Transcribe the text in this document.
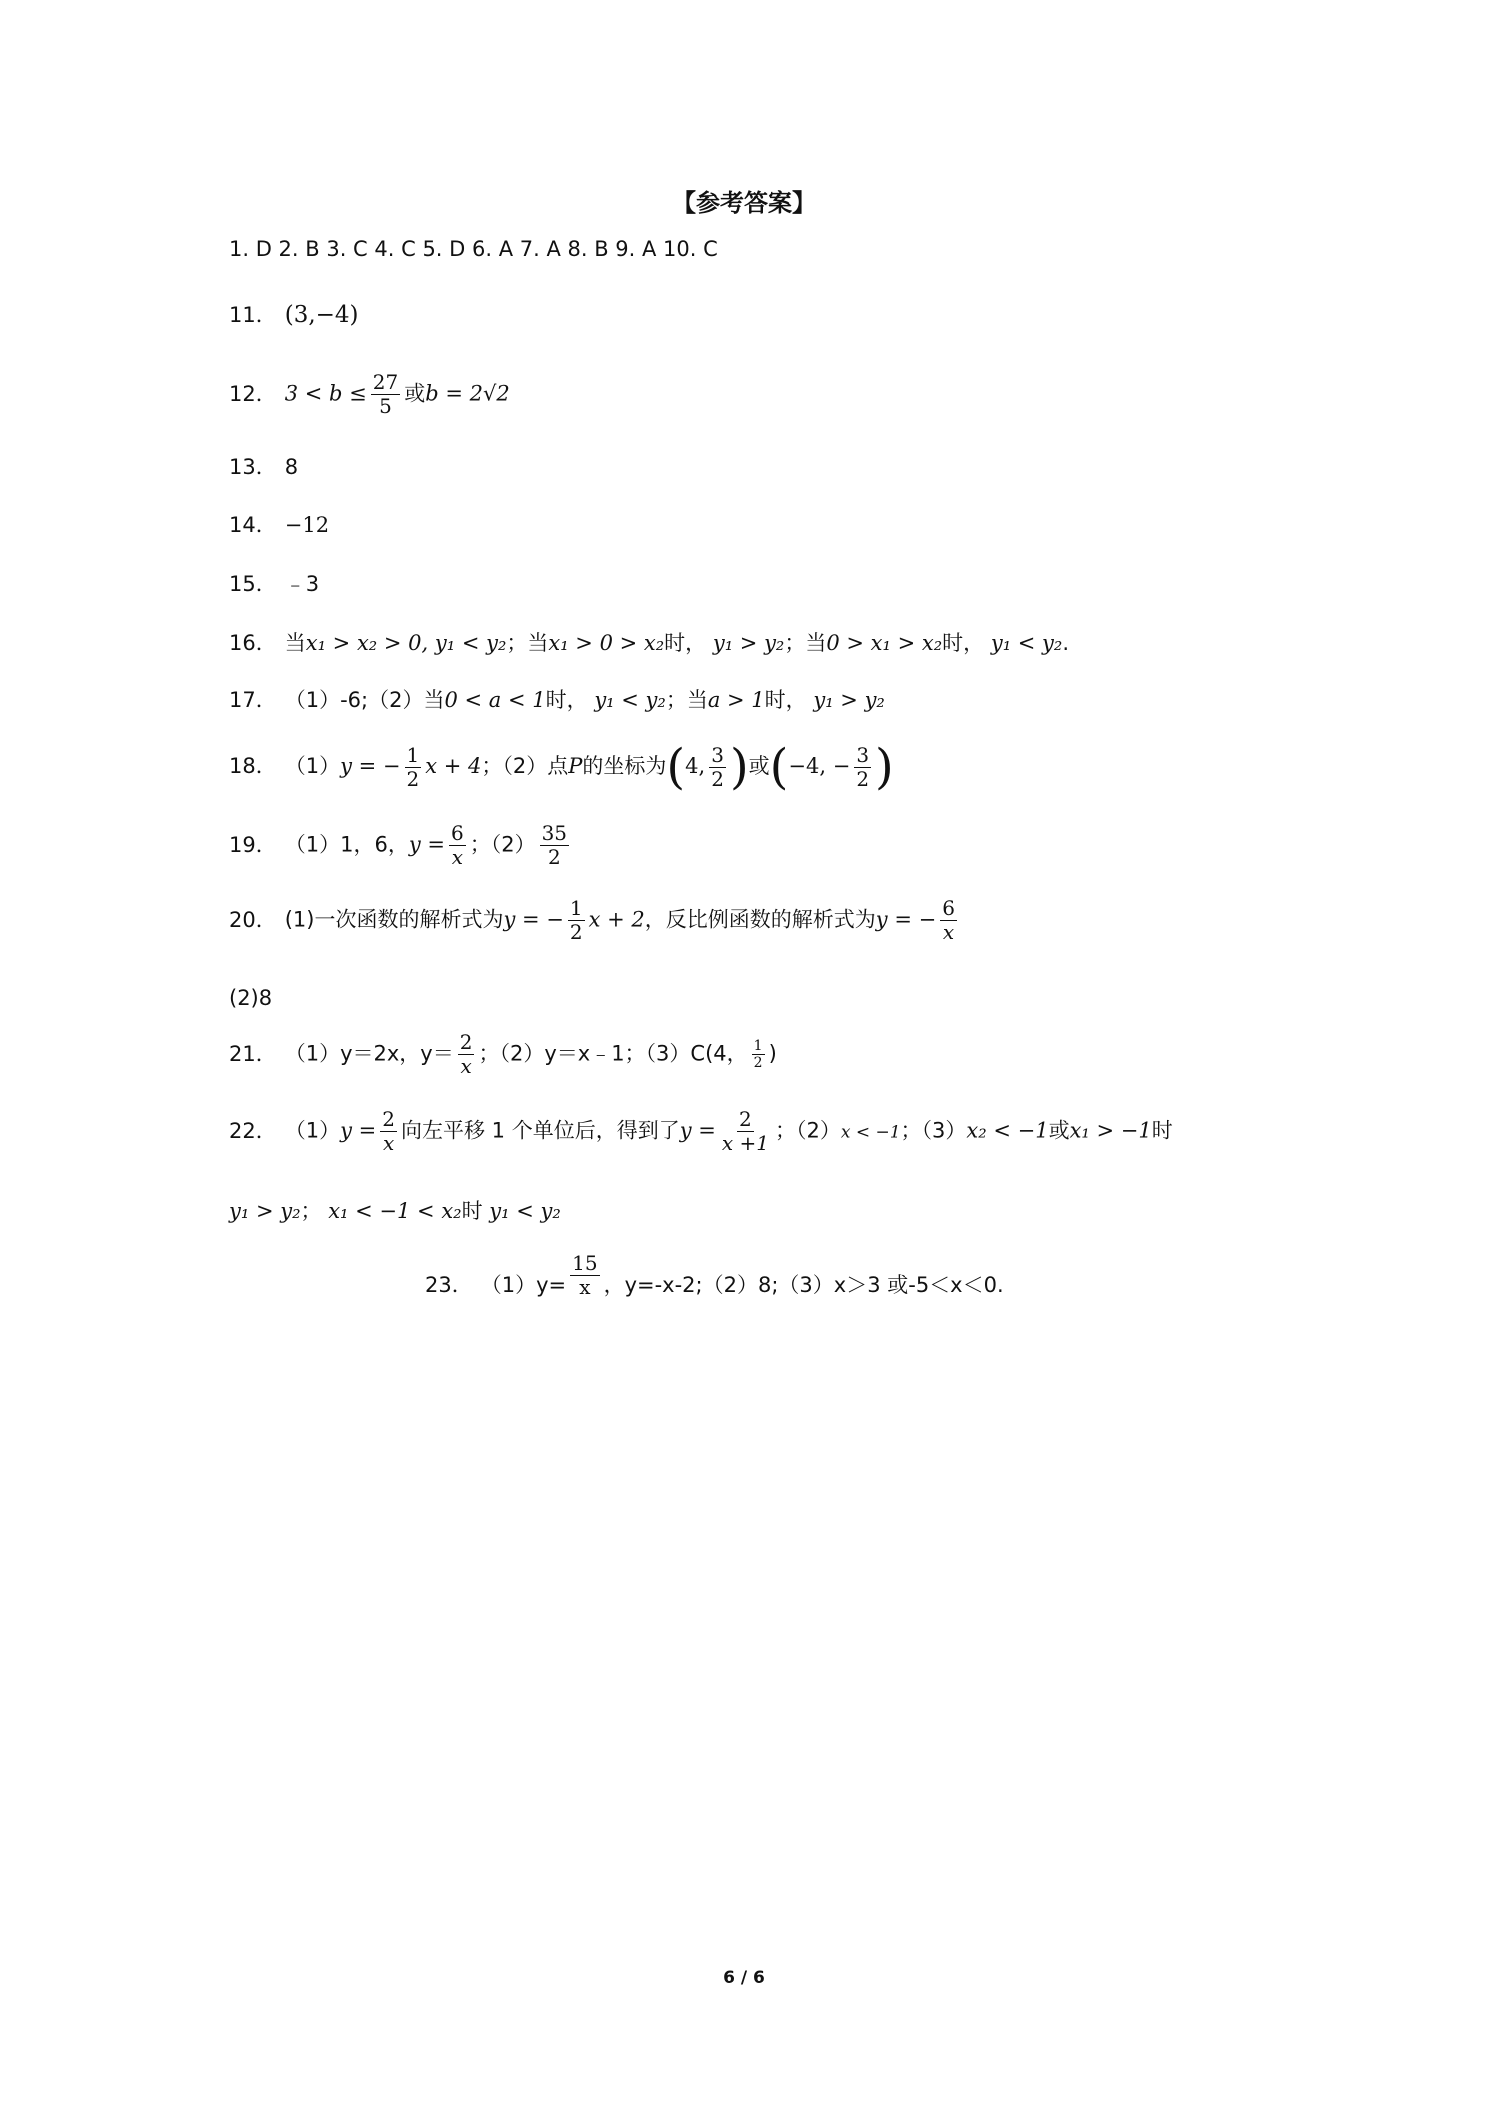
【参考答案】
1. D 2. B 3. C 4. C 5. D 6. A 7. A 8. B 9. A 10. C
11． (3,−4)
12． $3 < b \le \frac{27}{5}$ 或b = 2√2
13． 8
14． −12
15． ﹣3
16． 当x₁ > x₂ > 0, y₁ < y₂；当x₁ > 0 > x₂时， y₁ > y₂；当0 > x₁ > x₂时， y₁ < y₂.
17． （1）-6;（2）当0 < a < 1时， y₁ < y₂；当a > 1时， y₁ > y₂
18． （1）y = − $\frac{1}{2}$ x + 4；（2）点P的坐标为(4, $\frac{3}{2}$ )或(−4, − $\frac{3}{2}$ )
19． （1）1，6，$y = \frac{6}{x}$ ；$(2) \frac{35}{2}$
20． (1)一次函数的解析式为y = − $\frac{1}{2}$ x + 2，反比例函数的解析式为y = − $\frac{6}{x}$
(2)8
21． （1）y＝2x，$y= \frac{2}{x}$ ；（2）y＝x﹣1；（3）C(4， $\frac{1}{2}$ )
22． $(1)y = \frac{2}{x}$ 向左平移 1 个单位后，得到了$y = \frac{2}{x +1}$ ；（2）x < −1；（3）x₂ < −1或x₁ > −1时
y₁ > y₂； x₁ < −1 < x₂时 y₁ < y₂
23． $(1)y= \frac{15}{x}$ ，y=-x-2;（2）8;（3）x＞3 或-5＜x＜0.
6 / 6
